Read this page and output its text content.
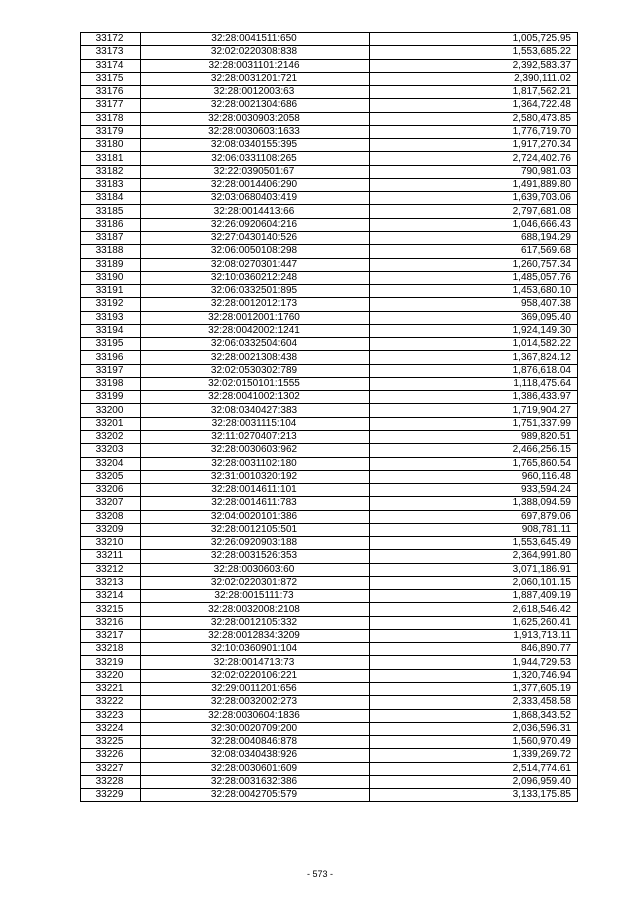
33172	32:28:0041511:650	1,005,725.95
33173	32:02:0220308:838	1,553,685.22
33174	32:28:0031101:2146	2,392,583.37
33175	32:28:0031201:721	2,390,111.02
33176	32:28:0012003:63	1,817,562.21
33177	32:28:0021304:686	1,364,722.48
33178	32:28:0030903:2058	2,580,473.85
33179	32:28:0030603:1633	1,776,719.70
33180	32:08:0340155:395	1,917,270.34
33181	32:06:0331108:265	2,724,402.76
33182	32:22:0390501:67	790,981.03
33183	32:28:0014406:290	1,491,889.80
33184	32:03:0680403:419	1,639,703.06
33185	32:28:0014413:66	2,797,681.08
33186	32:26:0920604:216	1,046,666.43
33187	32:27:0430140:526	688,194.29
33188	32:06:0050108:298	617,569.68
33189	32:08:0270301:447	1,260,757.34
33190	32:10:0360212:248	1,485,057.76
33191	32:06:0332501:895	1,453,680.10
33192	32:28:0012012:173	958,407.38
33193	32:28:0012001:1760	369,095.40
33194	32:28:0042002:1241	1,924,149.30
33195	32:06:0332504:604	1,014,582.22
33196	32:28:0021308:438	1,367,824.12
33197	32:02:0530302:789	1,876,618.04
33198	32:02:0150101:1555	1,118,475.64
33199	32:28:0041002:1302	1,386,433.97
33200	32:08:0340427:383	1,719,904.27
33201	32:28:0031115:104	1,751,337.99
33202	32:11:0270407:213	989,820.51
33203	32:28:0030603:962	2,466,256.15
33204	32:28:0031102:180	1,765,860.54
33205	32:31:0010320:192	960,116.48
33206	32:28:0014611:101	933,594.24
33207	32:28:0014611:783	1,388,094.59
33208	32:04:0020101:386	697,879.06
33209	32:28:0012105:501	908,781.11
33210	32:26:0920903:188	1,553,645.49
33211	32:28:0031526:353	2,364,991.80
33212	32:28:0030603:60	3,071,186.91
33213	32:02:0220301:872	2,060,101.15
33214	32:28:0015111:73	1,887,409.19
33215	32:28:0032008:2108	2,618,546.42
33216	32:28:0012105:332	1,625,260.41
33217	32:28:0012834:3209	1,913,713.11
33218	32:10:0360901:104	846,890.77
33219	32:28:0014713:73	1,944,729.53
33220	32:02:0220106:221	1,320,746.94
33221	32:29:0011201:656	1,377,605.19
33222	32:28:0032002:273	2,333,458.58
33223	32:28:0030604:1836	1,868,343.52
33224	32:30:0020709:200	2,036,596.31
33225	32:28:0040846:878	1,560,970.49
33226	32:08:0340438:926	1,339,269.72
33227	32:28:0030601:609	2,514,774.61
33228	32:28:0031632:386	2,096,959.40
33229	32:28:0042705:579	3,133,175.85
- 573 -
